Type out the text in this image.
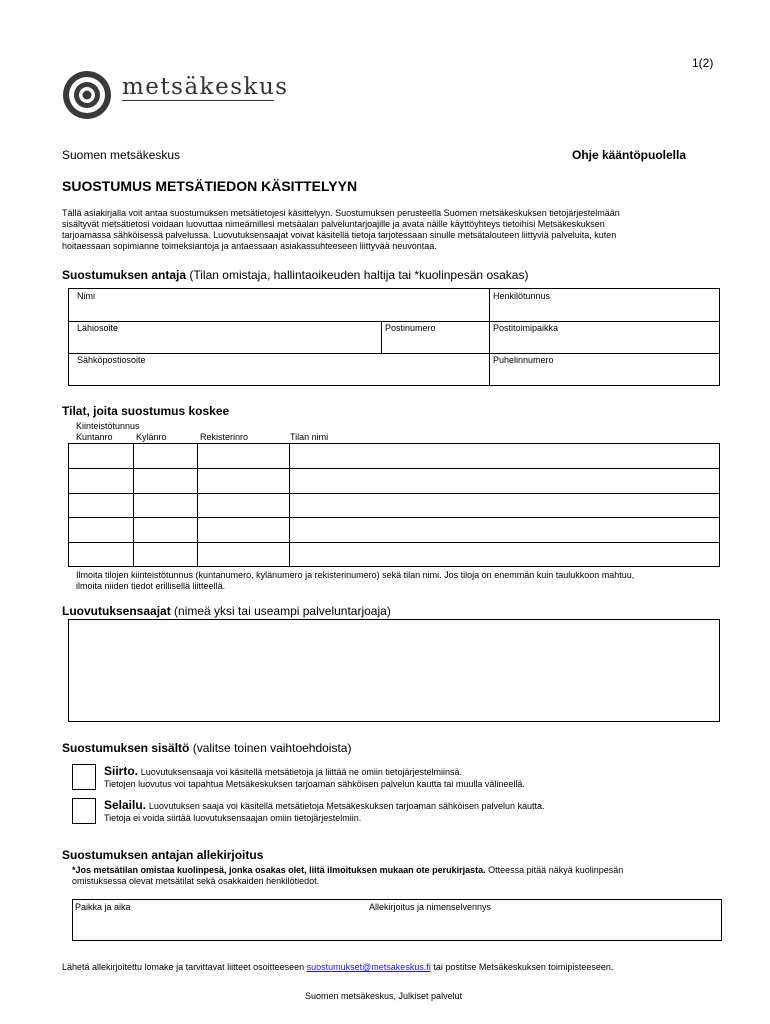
1(2)
metsäkeskus
Suomen metsäkeskus	Ohje kääntöpuolella
SUOSTUMUS METSÄTIEDON KÄSITTELYYN
Tällä asiakirjalla voit antaa suostumuksen metsätietojesi käsittelyyn. Suostumuksen perusteella Suomen metsäkeskuksen tietojärjestelmään
sisältyvät metsätietosi voidaan luovuttaa nimeämillesi metsäalan palveluntarjoajille ja avata näille käyttöyhteys tietoihisi Metsäkeskuksen
tarjoamassa sähköisessä palvelussa. Luovutuksensaajat voivat käsitellä tietoja tarjotessaan sinulle metsätalouteen liittyviä palveluita, kuten
hoitaessaan sopimianne toimeksiantoja ja antaessaan asiakassuhteeseen liittyvää neuvontaa.
Suostumuksen antaja (Tilan omistaja, hallintaoikeuden haltija tai *kuolinpesän osakas)
Nimi	Henkilötunnus
Lähiosoite	Postinumero	Postitoimipaikka
Sähköpostiosoite	Puhelinnumero
Tilat, joita suostumus koskee
Kiinteistötunnus
Kuntanro	Kylänro	Rekisterinro	Tilan nimi
Ilmoita tilojen kiinteistötunnus (kuntanumero, kylänumero ja rekisterinumero) sekä tilan nimi. Jos tiloja on enemmän kuin taulukkoon mahtuu,
ilmoita niiden tiedot erillisellä liitteellä.
Luovutuksensaajat (nimeä yksi tai useampi palveluntarjoaja)
Suostumuksen sisältö (valitse toinen vaihtoehdoista)
Siirto. Luovutuksensaaja voi käsitellä metsätietoja ja liittää ne omiin tietojärjestelmiinsä.
Tietojen luovutus voi tapahtua Metsäkeskuksen tarjoaman sähköisen palvelun kautta tai muulla välineellä.
Selailu. Luovutuksen saaja voi käsitellä metsätietoja Metsäkeskuksen tarjoaman sähköisen palvelun kautta.
Tietoja ei voida siirtää luovutuksensaajan omiin tietojärjestelmiin.
Suostumuksen antajan allekirjoitus
*Jos metsätilan omistaa kuolinpesä, jonka osakas olet, liitä ilmoituksen mukaan ote perukirjasta. Otteessa pitää näkyä kuolinpesän
omistuksessa olevat metsätilat sekä osakkaiden henkilötiedot.
Paikka ja aika	Allekirjoitus ja nimenselvennys
Lähetä allekirjoitettu lomake ja tarvittavat liitteet osoitteeseen suostumukset@metsakeskus.fi tai postitse Metsäkeskuksen toimipisteeseen.
Suomen metsäkeskus, Julkiset palvelut
